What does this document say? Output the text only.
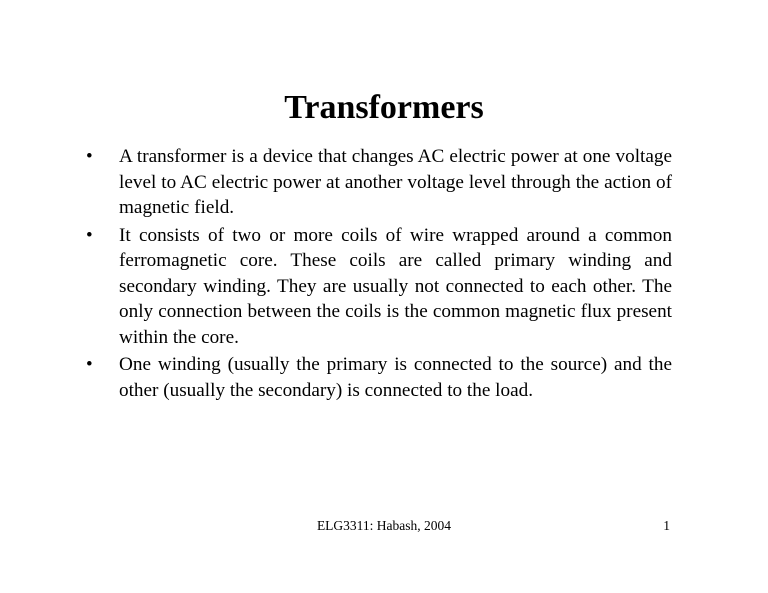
Transformers
• A transformer is a device that changes AC electric power at one voltage level to AC electric power at another voltage level through the action of magnetic field.
• It consists of two or more coils of wire wrapped around a common ferromagnetic core. These coils are called primary winding and secondary winding. They are usually not connected to each other. The only connection between the coils is the common magnetic flux present within the core.
• One winding (usually the primary is connected to the source) and the other (usually the secondary) is connected to the load.
ELG3311: Habash, 2004	1
